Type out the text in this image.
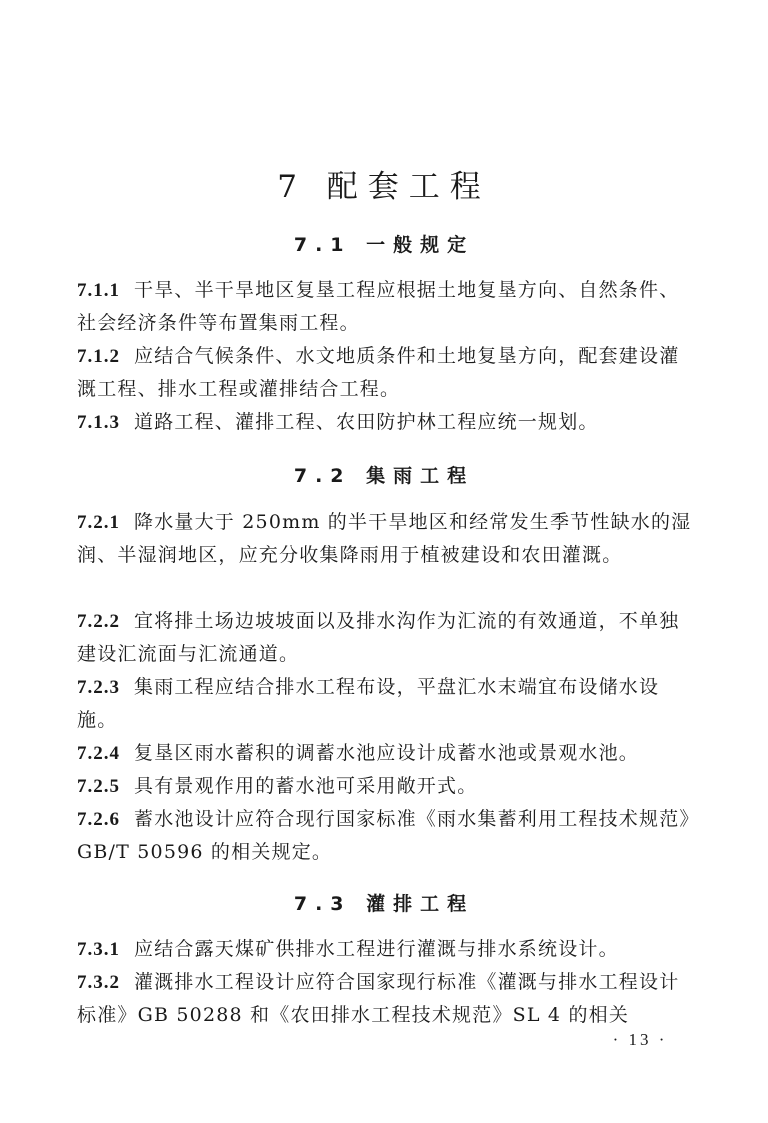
7 配套工程
7.1 一般规定

7.1.1 干旱、半干旱地区复垦工程应根据土地复垦方向、自然条件、社会经济条件等布置集雨工程。

7.1.2 应结合气候条件、水文地质条件和土地复垦方向，配套建设灌溉工程、排水工程或灌排结合工程。

7.1.3 道路工程、灌排工程、农田防护林工程应统一规划。

7.2 集雨工程

7.2.1 降水量大于 250mm 的半干旱地区和经常发生季节性缺水的湿润、半湿润地区，应充分收集降雨用于植被建设和农田灌溉。

7.2.2 宜将排土场边坡坡面以及排水沟作为汇流的有效通道，不单独建设汇流面与汇流通道。

7.2.3 集雨工程应结合排水工程布设，平盘汇水末端宜布设储水设施。

7.2.4 复垦区雨水蓄积的调蓄水池应设计成蓄水池或景观水池。

7.2.5 具有景观作用的蓄水池可采用敞开式。

7.2.6 蓄水池设计应符合现行国家标准《雨水集蓄利用工程技术规范》GB/T 50596 的相关规定。

7.3 灌排工程

7.3.1 应结合露天煤矿供排水工程进行灌溉与排水系统设计。

7.3.2 灌溉排水工程设计应符合国家现行标准《灌溉与排水工程设计标准》GB 50288 和《农田排水工程技术规范》SL 4 的相关

· 13 ·
